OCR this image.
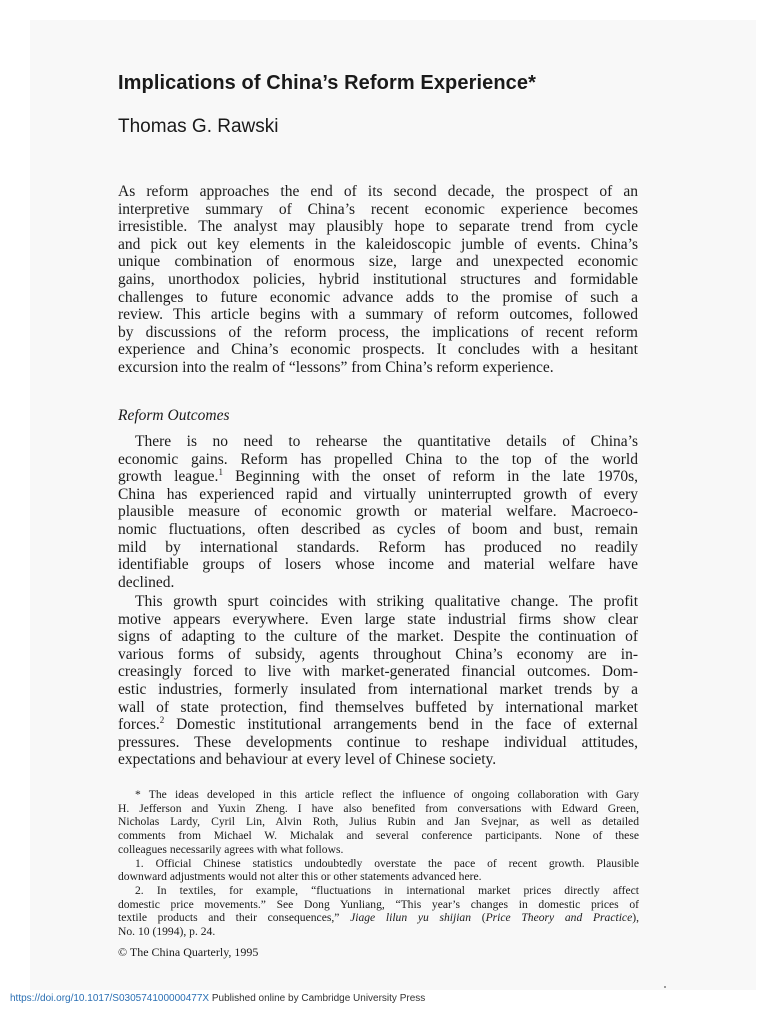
Implications of China’s Reform Experience*
Thomas G. Rawski
As reform approaches the end of its second decade, the prospect of an
interpretive summary of China’s recent economic experience becomes
irresistible. The analyst may plausibly hope to separate trend from cycle
and pick out key elements in the kaleidoscopic jumble of events. China’s
unique combination of enormous size, large and unexpected economic
gains, unorthodox policies, hybrid institutional structures and formidable
challenges to future economic advance adds to the promise of such a
review. This article begins with a summary of reform outcomes, followed
by discussions of the reform process, the implications of recent reform
experience and China’s economic prospects. It concludes with a hesitant
excursion into the realm of “lessons” from China’s reform experience.
Reform Outcomes
There is no need to rehearse the quantitative details of China’s
economic gains. Reform has propelled China to the top of the world
growth league.$^1$ Beginning with the onset of reform in the late 1970s,
China has experienced rapid and virtually uninterrupted growth of every
plausible measure of economic growth or material welfare. Macroeco-
nomic fluctuations, often described as cycles of boom and bust, remain
mild by international standards. Reform has produced no readily
identifiable groups of losers whose income and material welfare have
declined.
This growth spurt coincides with striking qualitative change. The profit
motive appears everywhere. Even large state industrial firms show clear
signs of adapting to the culture of the market. Despite the continuation of
various forms of subsidy, agents throughout China’s economy are in-
creasingly forced to live with market-generated financial outcomes. Dom-
estic industries, formerly insulated from international market trends by a
wall of state protection, find themselves buffeted by international market
forces.$^2$ Domestic institutional arrangements bend in the face of external
pressures. These developments continue to reshape individual attitudes,
expectations and behaviour at every level of Chinese society.
* The ideas developed in this article reflect the influence of ongoing collaboration with Gary
H. Jefferson and Yuxin Zheng. I have also benefited from conversations with Edward Green,
Nicholas Lardy, Cyril Lin, Alvin Roth, Julius Rubin and Jan Svejnar, as well as detailed
comments from Michael W. Michalak and several conference participants. None of these
colleagues necessarily agrees with what follows.
1. Official Chinese statistics undoubtedly overstate the pace of recent growth. Plausible
downward adjustments would not alter this or other statements advanced here.
2. In textiles, for example, “fluctuations in international market prices directly affect
domestic price movements.” See Dong Yunliang, “This year’s changes in domestic prices of
textile products and their consequences,” Jiage lilun yu shijian (Price Theory and Practice),
No. 10 (1994), p. 24.
© The China Quarterly, 1995
https://doi.org/10.1017/S030574100000477X Published online by Cambridge University Press
